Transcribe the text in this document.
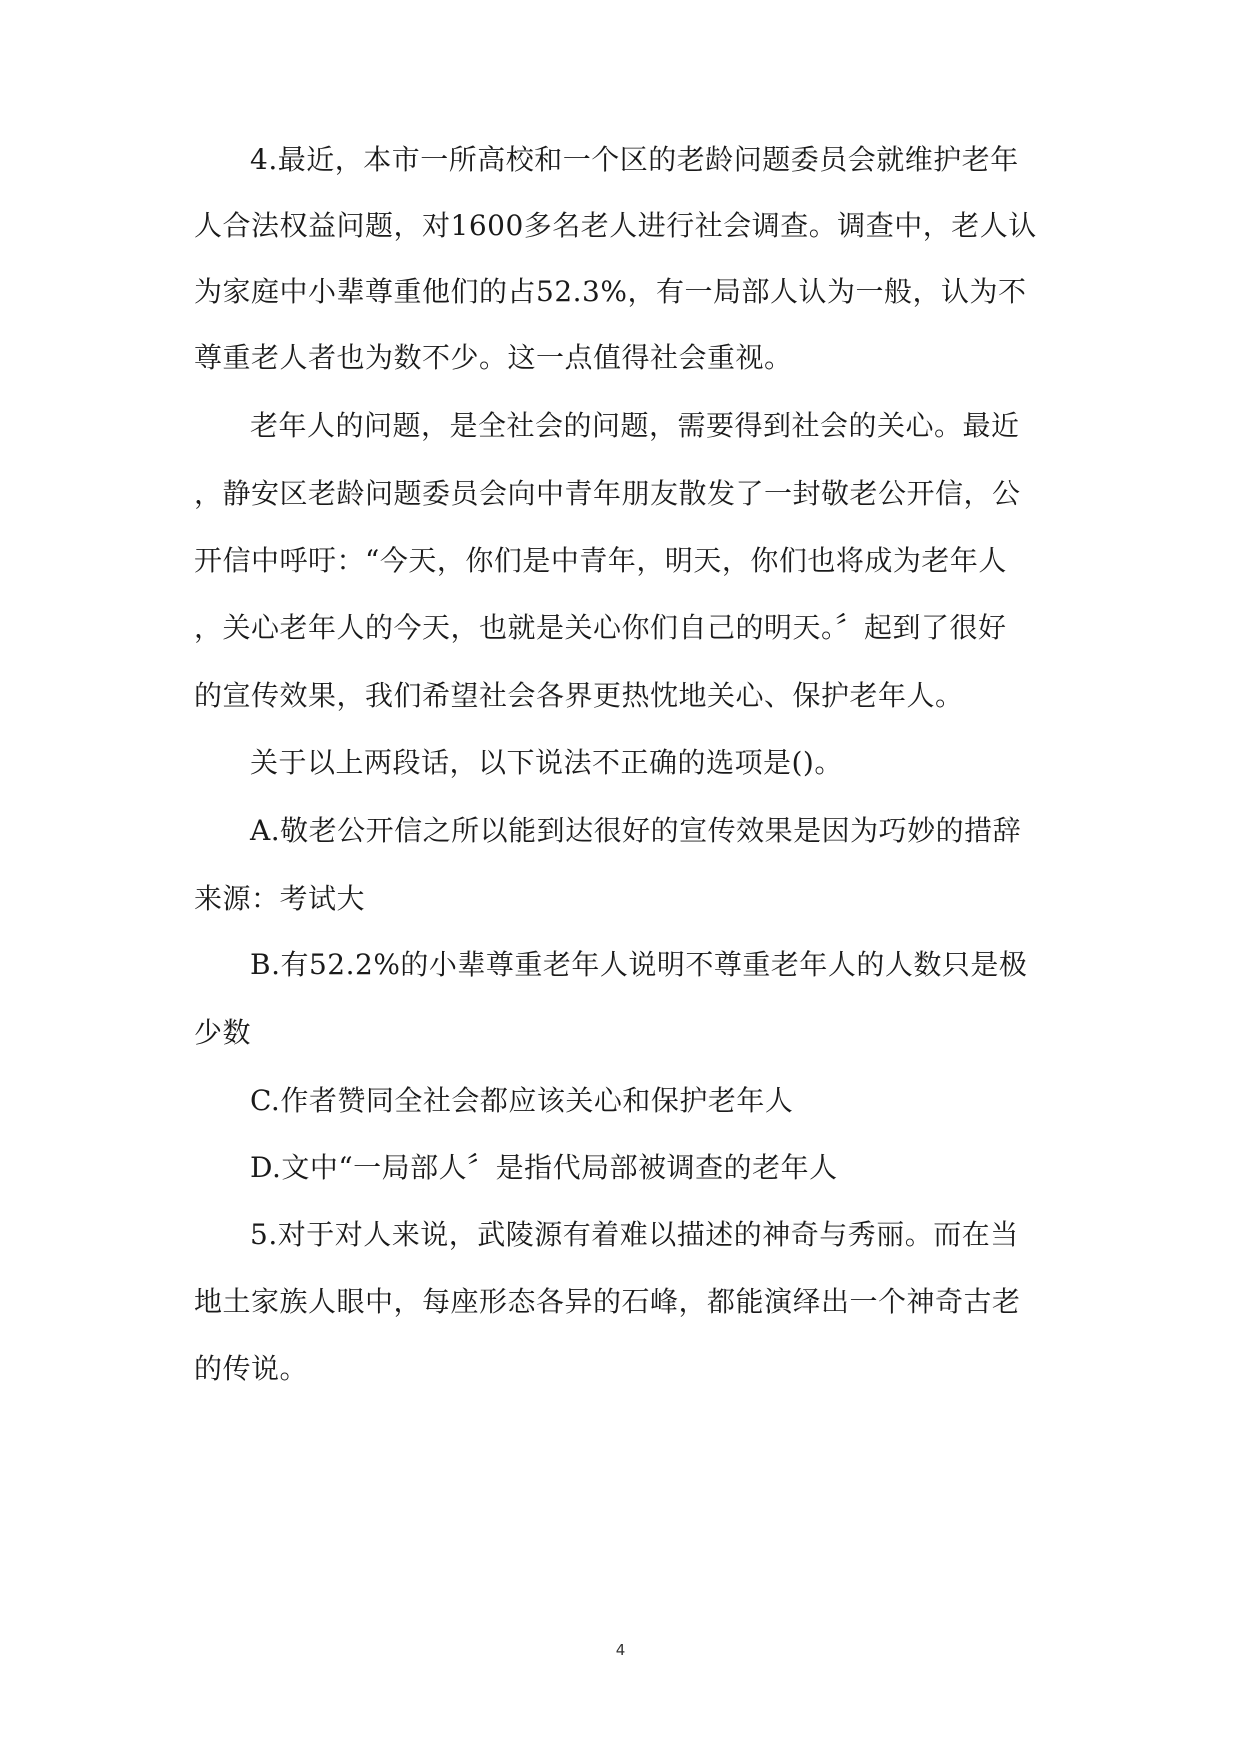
4.最近，本市一所高校和一个区的老龄问题委员会就维护老年
人合法权益问题，对1600多名老人进行社会调查。调查中，老人认
为家庭中小辈尊重他们的占52.3%，有一局部人认为一般，认为不
尊重老人者也为数不少。这一点值得社会重视。
老年人的问题，是全社会的问题，需要得到社会的关心。最近
，静安区老龄问题委员会向中青年朋友散发了一封敬老公开信，公
开信中呼吁：“今天，你们是中青年，明天，你们也将成为老年人
，关心老年人的今天，也就是关心你们自己的明天。〞起到了很好
的宣传效果，我们希望社会各界更热忱地关心、保护老年人。
关于以上两段话，以下说法不正确的选项是()。
A.敬老公开信之所以能到达很好的宣传效果是因为巧妙的措辞
来源：考试大
B.有52.2%的小辈尊重老年人说明不尊重老年人的人数只是极
少数
C.作者赞同全社会都应该关心和保护老年人
D.文中“一局部人〞是指代局部被调查的老年人
5.对于对人来说，武陵源有着难以描述的神奇与秀丽。而在当
地土家族人眼中，每座形态各异的石峰，都能演绎出一个神奇古老
的传说。
4
